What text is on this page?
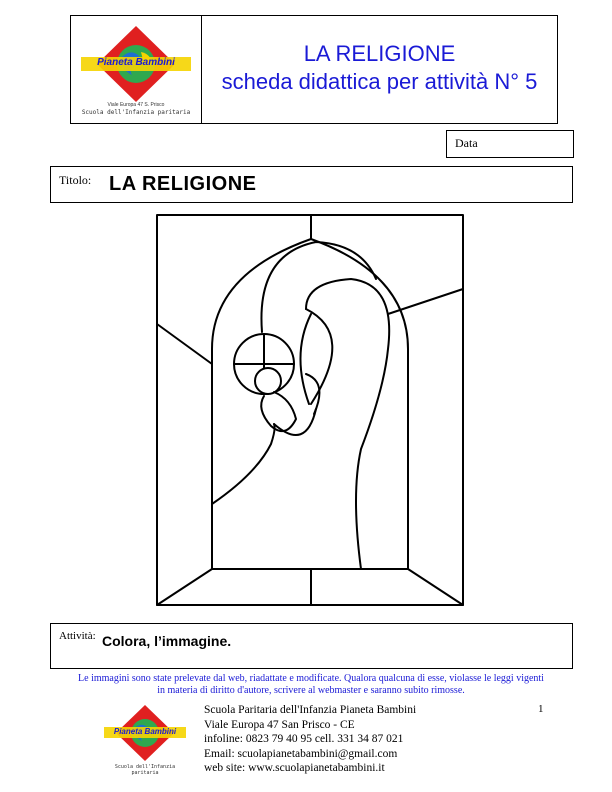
Pianeta Bambini
Viale Europa 47 S. Prisco
Scuola dell'Infanzia paritaria
LA RELIGIONE
scheda didattica per attività N° 5
Data
Titolo: LA RELIGIONE
Attività: Colora, l’immagine.
Le immagini sono state prelevate dal web, riadattate e modificate. Qualora qualcuna di esse, violasse le leggi vigenti
in materia di diritto d'autore, scrivere al webmaster e saranno subito rimosse.
1
Pianeta Bambini
Scuola dell'Infanzia paritaria
Scuola Paritaria dell'Infanzia Pianeta Bambini
Viale Europa 47 San Prisco - CE
infoline: 0823 79 40 95 cell. 331 34 87 021
Email: scuolapianetabambini@gmail.com
web site: www.scuolapianetabambini.it
